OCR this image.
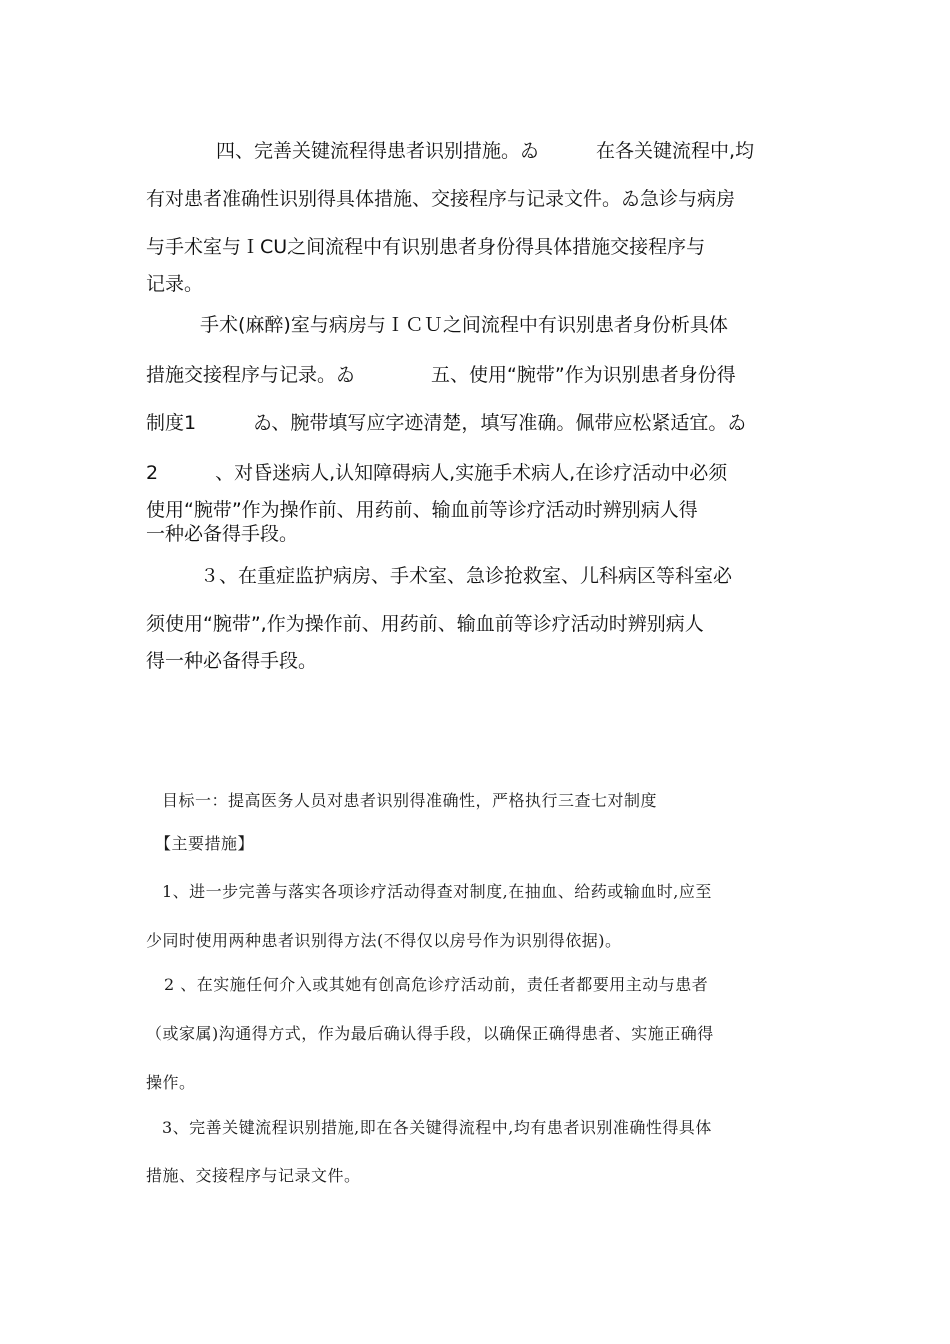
四、完善关键流程得患者识别措施。ゐ　　　在各关键流程中,均
有对患者准确性识别得具体措施、交接程序与记录文件。ゐ急诊与病房
与手术室与ＩCU之间流程中有识别患者身份得具体措施交接程序与
记录。
手术(麻醉)室与病房与ＩＣＵ之间流程中有识别患者身份析具体
措施交接程序与记录。ゐ　　　　五、使用“腕带”作为识别患者身份得
制度1　　　ゐ、腕带填写应字迹清楚，填写准确。佩带应松紧适宜。ゐ
2　　　、对昏迷病人,认知障碍病人,实施手术病人,在诊疗活动中必须
使用“腕带”作为操作前、用药前、输血前等诊疗活动时辨别病人得
一种必备得手段。
３、在重症监护病房、手术室、急诊抢救室、儿科病区等科室必
须使用“腕带”,作为操作前、用药前、输血前等诊疗活动时辨别病人
得一种必备得手段。
目标一：提高医务人员对患者识别得准确性，严格执行三查七对制度
【主要措施】
1、进一步完善与落实各项诊疗活动得查对制度,在抽血、给药或输血时,应至
少同时使用两种患者识别得方法(不得仅以房号作为识别得依据)。
2 、在实施任何介入或其她有创高危诊疗活动前，责任者都要用主动与患者
（或家属)沟通得方式，作为最后确认得手段，以确保正确得患者、实施正确得
操作。
3、完善关键流程识别措施,即在各关键得流程中,均有患者识别准确性得具体
措施、交接程序与记录文件。
